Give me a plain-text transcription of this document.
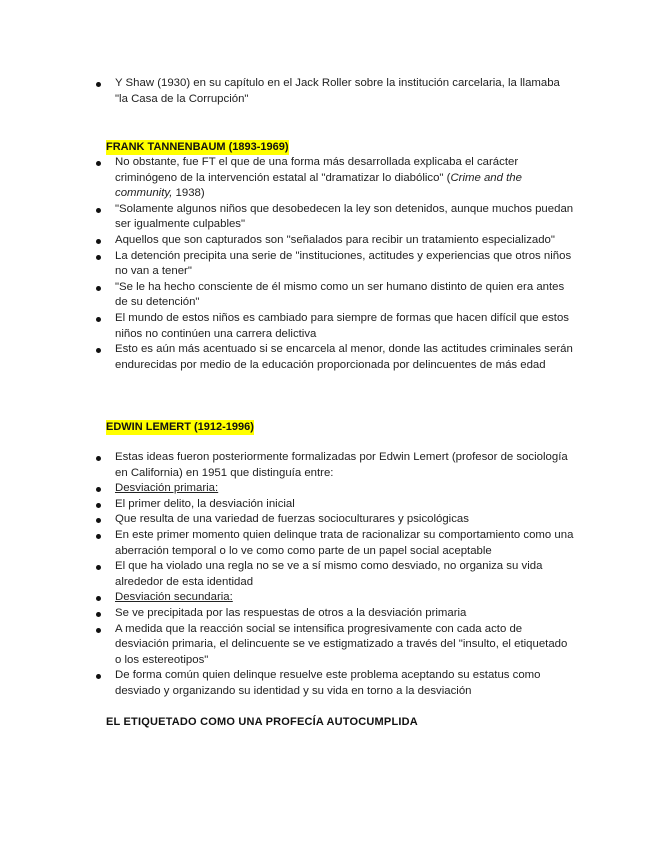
Y Shaw (1930) en su capítulo en el Jack Roller sobre la institución carcelaria, la llamaba "la Casa de la Corrupción"
FRANK TANNENBAUM (1893-1969)
No obstante, fue FT el que de una forma más desarrollada explicaba el carácter criminógeno de la intervención estatal al "dramatizar lo diabólico" (Crime and the community, 1938)
"Solamente algunos niños que desobedecen la ley son detenidos, aunque muchos puedan ser igualmente culpables"
Aquellos que son capturados son "señalados para recibir un tratamiento especializado"
La detención precipita una serie de "instituciones, actitudes y experiencias que otros niños no van a tener"
"Se le ha hecho consciente de él mismo como un ser humano distinto de quien era antes de su detención"
El mundo de estos niños es cambiado para siempre de formas que hacen difícil que estos niños no continúen una carrera delictiva
Esto es aún más acentuado si se encarcela al menor, donde las actitudes criminales serán endurecidas por medio de la educación proporcionada por delincuentes de más edad
EDWIN LEMERT (1912-1996)
Estas ideas fueron posteriormente formalizadas por Edwin Lemert (profesor de sociología en California) en 1951 que distinguía entre:
Desviación primaria:
El primer delito, la desviación inicial
Que resulta de una variedad de fuerzas socioculturares y psicológicas
En este primer momento quien delinque trata de racionalizar su comportamiento como una aberración temporal o lo ve como como parte de un papel social aceptable
El que ha violado una regla no se ve a sí mismo como desviado, no organiza su vida alrededor de esta identidad
Desviación secundaria:
Se ve precipitada por las respuestas de otros a la desviación primaria
A medida que la reacción social se intensifica progresivamente con cada acto de desviación primaria, el delincuente se ve estigmatizado a través del "insulto, el etiquetado o los estereotipos"
De forma común quien delinque resuelve este problema aceptando su estatus como desviado y organizando su identidad y su vida en torno a la desviación
EL ETIQUETADO COMO UNA PROFECÍA AUTOCUMPLIDA
